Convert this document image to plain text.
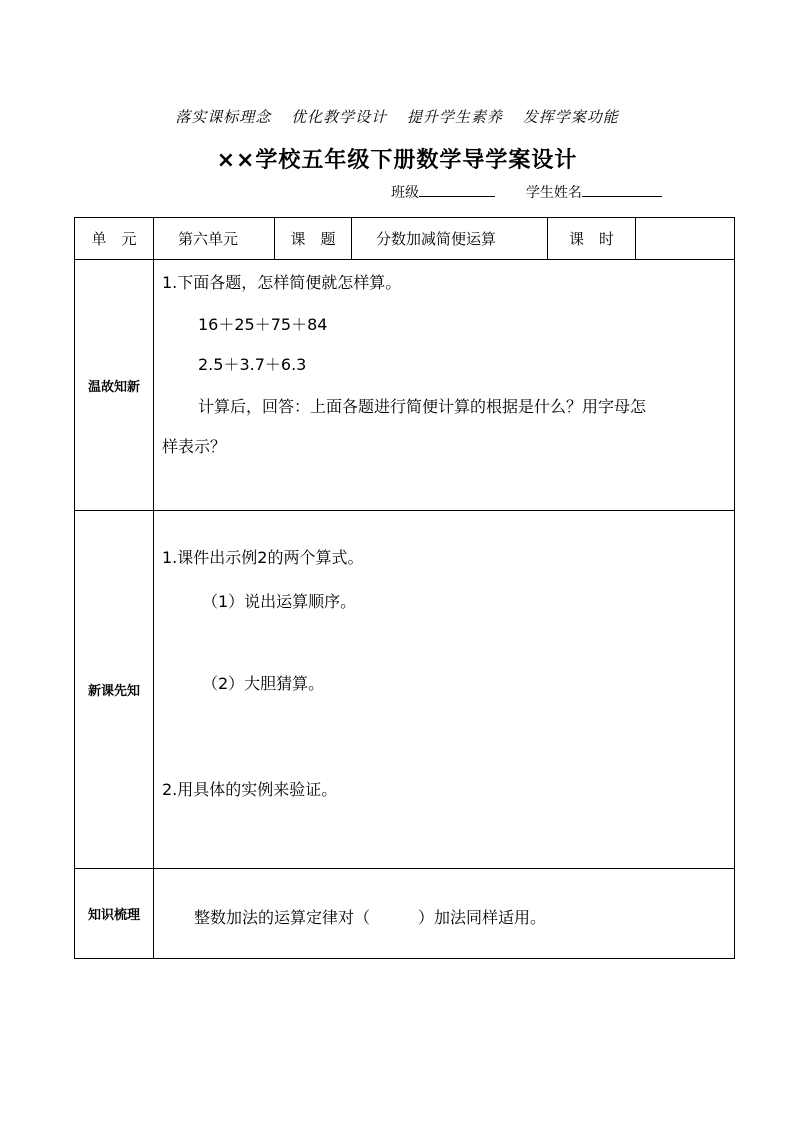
落实课标理念 优化教学设计 提升学生素养 发挥学案功能
××学校五年级下册数学导学案设计
班级	学生姓名
单　元	第六单元	课　题	分数加减简便运算	课　时	
温故知新	1.下面各题，怎样简便就怎样算。
16＋25＋75＋84
2.5＋3.7＋6.3
计算后，回答：上面各题进行简便计算的根据是什么？用字母怎
样表示？				

新课先知	1.课件出示例2的两个算式。
（1）说出运算顺序。
（2）大胆猜算。
2.用具体的实例来验证。				

知识梳理	整数加法的运算定律对（　　　）加法同样适用。				
